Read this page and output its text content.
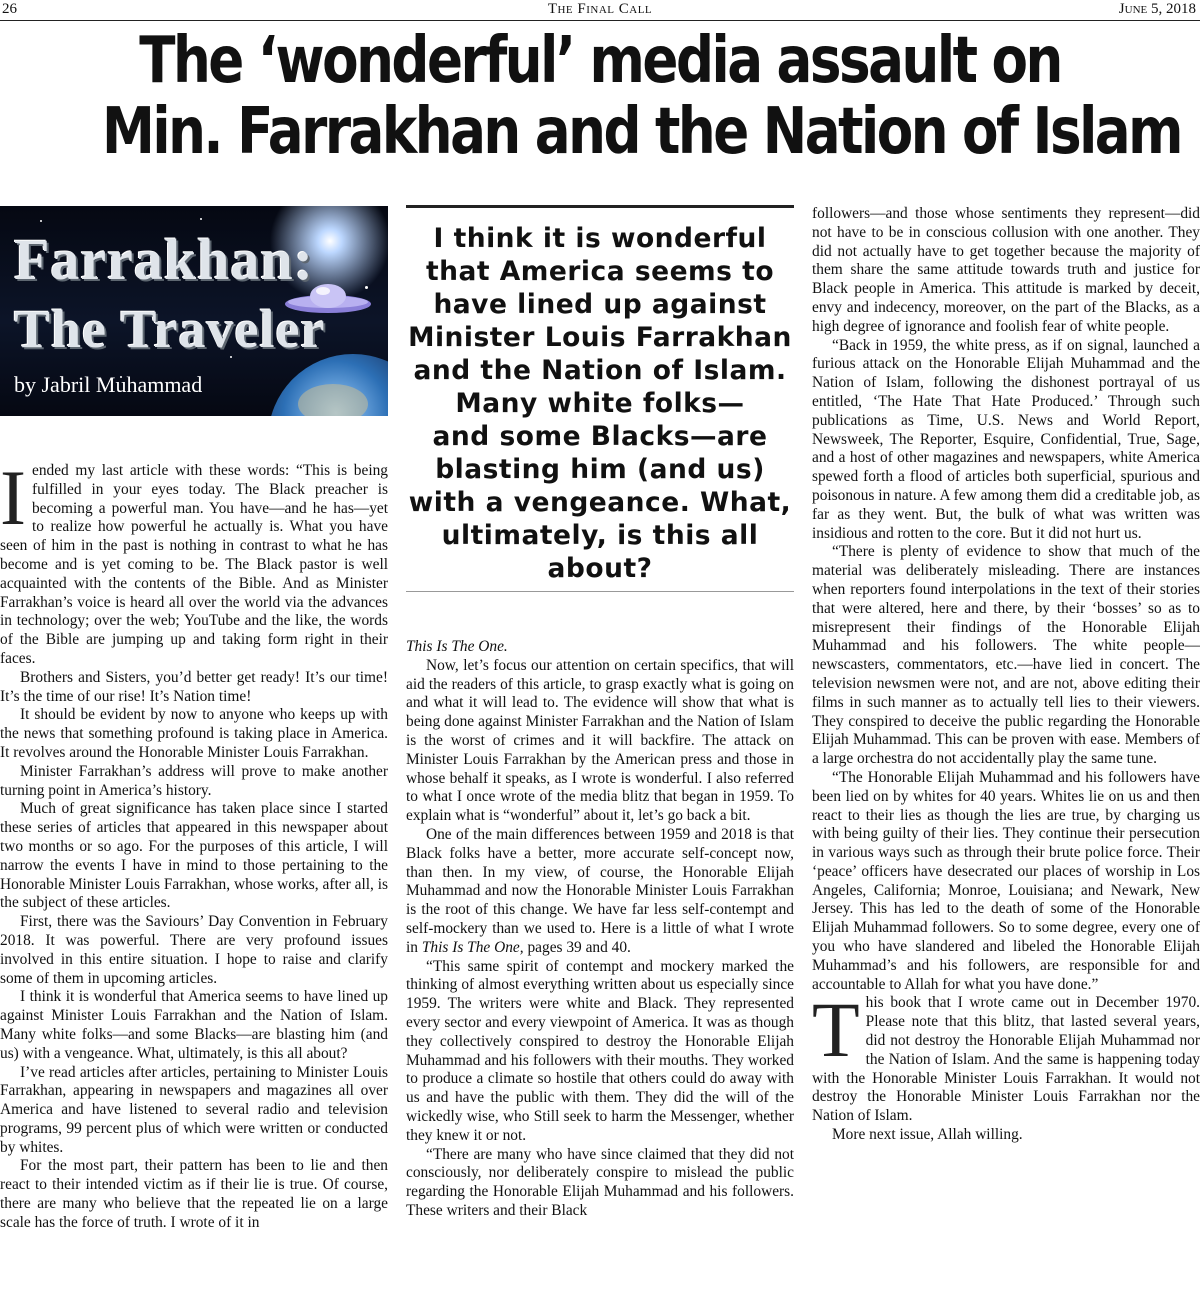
26	The Final Call	June 5, 2018
The ‘wonderful’ media assault on
Min. Farrakhan and the Nation of Islam
Farrakhan:
The Traveler
by Jabril Muhammad
I think it is wonderful
that America seems to
have lined up against
Minister Louis Farrakhan
and the Nation of Islam.
Many white folks—
and some Blacks—are
blasting him (and us)
with a vengeance. What,
ultimately, is this all
about?

Iended my last article with these words: “This is being fulfilled in your eyes today. The Black preacher is becoming a powerful man. You have—and he has—yet to realize how powerful he actually is. What you have seen of him in the past is nothing in contrast to what he has become and is yet coming to be. The Black pastor is well acquainted with the contents of the Bible. And as Minister Farrakhan’s voice is heard all over the world via the advances in technology; over the web; YouTube and the like, the words of the Bible are jumping up and taking form right in their faces.

Brothers and Sisters, you’d better get ready! It’s our time! It’s the time of our rise! It’s Nation time!

It should be evident by now to anyone who keeps up with the news that something profound is taking place in America. It revolves around the Honorable Minister Louis Farrakhan.

Minister Farrakhan’s address will prove to make another turning point in America’s history.

Much of great significance has taken place since I started these series of articles that appeared in this newspaper about two months or so ago. For the purposes of this article, I will narrow the events I have in mind to those pertaining to the Honorable Minister Louis Farrakhan, whose works, after all, is the subject of these articles.

First, there was the Saviours’ Day Convention in February 2018. It was powerful. There are very profound issues involved in this entire situation. I hope to raise and clarify some of them in upcoming articles.

I think it is wonderful that America seems to have lined up against Minister Louis Farrakhan and the Nation of Islam. Many white folks—and some Blacks—are blasting him (and us) with a vengeance. What, ultimately, is this all about?

I’ve read articles after articles, pertaining to Minister Louis Farrakhan, appearing in newspapers and magazines all over America and have listened to several radio and television programs, 99 percent plus of which were written or conducted by whites.

For the most part, their pattern has been to lie and then react to their intended victim as if their lie is true. Of course, there are many who believe that the repeated lie on a large scale has the force of truth. I wrote of it in

This Is The One.

Now, let’s focus our attention on certain specifics, that will aid the readers of this article, to grasp exactly what is going on and what it will lead to. The evidence will show that what is being done against Minister Farrakhan and the Nation of Islam is the worst of crimes and it will backfire. The attack on Minister Louis Farrakhan by the American press and those in whose behalf it speaks, as I wrote is wonderful. I also referred to what I once wrote of the media blitz that began in 1959. To explain what is “wonderful” about it, let’s go back a bit.

One of the main differences between 1959 and 2018 is that Black folks have a better, more accurate self-concept now, than then. In my view, of course, the Honorable Elijah Muhammad and now the Honorable Minister Louis Farrakhan is the root of this change. We have far less self-contempt and self-mockery than we used to. Here is a little of what I wrote in This Is The One, pages 39 and 40.

“This same spirit of contempt and mockery marked the thinking of almost everything written about us especially since 1959. The writers were white and Black. They represented every sector and every viewpoint of America. It was as though they collectively conspired to destroy the Honorable Elijah Muhammad and his followers with their mouths. They worked to produce a climate so hostile that others could do away with us and have the public with them. They did the will of the wickedly wise, who Still seek to harm the Messenger, whether they knew it or not.

“There are many who have since claimed that they did not consciously, nor deliberately conspire to mislead the public regarding the Honorable Elijah Muhammad and his followers. These writers and their Black

followers—and those whose sentiments they represent—did not have to be in conscious collusion with one another. They did not actually have to get together because the majority of them share the same attitude towards truth and justice for Black people in America. This attitude is marked by deceit, envy and indecency, moreover, on the part of the Blacks, as a high degree of ignorance and foolish fear of white people.

“Back in 1959, the white press, as if on signal, launched a furious attack on the Honorable Elijah Muhammad and the Nation of Islam, following the dishonest portrayal of us entitled, ‘The Hate That Hate Produced.’ Through such publications as Time, U.S. News and World Report, Newsweek, The Reporter, Esquire, Confidential, True, Sage, and a host of other magazines and newspapers, white America spewed forth a flood of articles both superficial, spurious and poisonous in nature. A few among them did a creditable job, as far as they went. But, the bulk of what was written was insidious and rotten to the core. But it did not hurt us.

“There is plenty of evidence to show that much of the material was deliberately misleading. There are instances when reporters found interpolations in the text of their stories that were altered, here and there, by their ‘bosses’ so as to misrepresent their findings of the Honorable Elijah Muhammad and his followers. The white people—newscasters, commentators, etc.—have lied in concert. The television newsmen were not, and are not, above editing their films in such manner as to actually tell lies to their viewers. They conspired to deceive the public regarding the Honorable Elijah Muhammad. This can be proven with ease. Members of a large orchestra do not accidentally play the same tune.

“The Honorable Elijah Muhammad and his followers have been lied on by whites for 40 years. Whites lie on us and then react to their lies as though the lies are true, by charging us with being guilty of their lies. They continue their persecution in various ways such as through their brute police force. Their ‘peace’ officers have desecrated our places of worship in Los Angeles, California; Monroe, Louisiana; and Newark, New Jersey. This has led to the death of some of the Honorable Elijah Muhammad followers. So to some degree, every one of you who have slandered and libeled the Honorable Elijah Muhammad’s and his followers, are responsible for and accountable to Allah for what you have done.”

This book that I wrote came out in December 1970. Please note that this blitz, that lasted several years, did not destroy the Honorable Elijah Muhammad nor the Nation of Islam. And the same is happening today with the Honorable Minister Louis Farrakhan. It would not destroy the Honorable Minister Louis Farrakhan nor the Nation of Islam.

More next issue, Allah willing.
